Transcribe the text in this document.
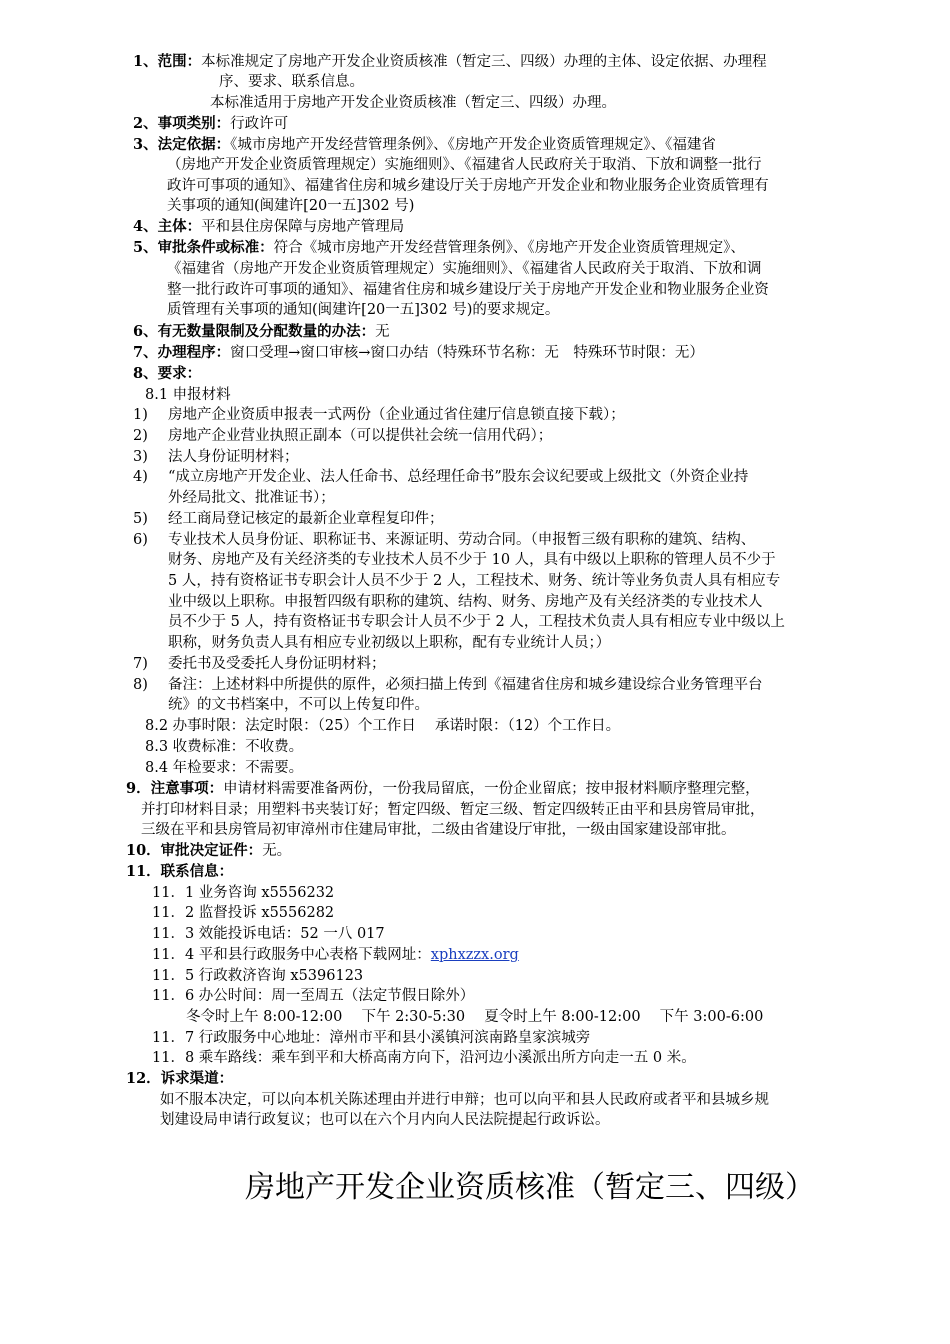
1、范围：本标准规定了房地产开发企业资质核准（暂定三、四级）办理的主体、设定依据、办理程
序、要求、联系信息。
本标准适用于房地产开发企业资质核准（暂定三、四级）办理。
2、事项类别：行政许可
3、法定依据：《城市房地产开发经营管理条例》、《房地产开发企业资质管理规定》、《福建省
（房地产开发企业资质管理规定）实施细则》、《福建省人民政府关于取消、下放和调整一批行
政许可事项的通知》、福建省住房和城乡建设厅关于房地产开发企业和物业服务企业资质管理有
关事项的通知(闽建许[20一五]302 号)
4、主体：平和县住房保障与房地产管理局
5、审批条件或标准：符合《城市房地产开发经营管理条例》、《房地产开发企业资质管理规定》、
《福建省（房地产开发企业资质管理规定）实施细则》、《福建省人民政府关于取消、下放和调
整一批行政许可事项的通知》、福建省住房和城乡建设厅关于房地产开发企业和物业服务企业资
质管理有关事项的通知(闽建许[20一五]302 号)的要求规定。
6、有无数量限制及分配数量的办法：无
7、办理程序：窗口受理→窗口审核→窗口办结（特殊环节名称：无　特殊环节时限：无）
8、要求：
8.1 申报材料
1) 房地产企业资质申报表一式两份（企业通过省住建厅信息锁直接下载）；
2) 房地产企业营业执照正副本（可以提供社会统一信用代码）；
3) 法人身份证明材料；
4) “成立房地产开发企业、法人任命书、总经理任命书”股东会议纪要或上级批文（外资企业持
外经局批文、批准证书）；
5) 经工商局登记核定的最新企业章程复印件；
6) 专业技术人员身份证、职称证书、来源证明、劳动合同。（申报暂三级有职称的建筑、结构、
财务、房地产及有关经济类的专业技术人员不少于 10 人，具有中级以上职称的管理人员不少于
5 人，持有资格证书专职会计人员不少于 2 人，工程技术、财务、统计等业务负责人具有相应专
业中级以上职称。申报暂四级有职称的建筑、结构、财务、房地产及有关经济类的专业技术人
员不少于 5 人，持有资格证书专职会计人员不少于 2 人，工程技术负责人具有相应专业中级以上
职称，财务负责人具有相应专业初级以上职称，配有专业统计人员；）
7) 委托书及受委托人身份证明材料；
8) 备注：上述材料中所提供的原件，必须扫描上传到《福建省住房和城乡建设综合业务管理平台
统》的文书档案中，不可以上传复印件。
8.2 办事时限：法定时限：（25）个工作日　 承诺时限：（12）个工作日。
8.3 收费标准：不收费。
8.4 年检要求：不需要。
9．注意事项：申请材料需要准备两份，一份我局留底，一份企业留底；按申报材料顺序整理完整，
并打印材料目录；用塑料书夹装订好；暂定四级、暂定三级、暂定四级转正由平和县房管局审批，
三级在平和县房管局初审漳州市住建局审批，二级由省建设厅审批，一级由国家建设部审批。
10．审批决定证件：无。
11．联系信息：
11．1 业务咨询 x5556232
11．2 监督投诉 x5556282
11．3 效能投诉电话：52 一八 017
11．4 平和县行政服务中心表格下载网址：xphxzzx.org
11．5 行政救济咨询 x5396123
11．6 办公时间：周一至周五（法定节假日除外）
冬令时上午 8:00-12:00　 下午 2:30-5:30　 夏令时上午 8:00-12:00　 下午 3:00-6:00
11．7 行政服务中心地址：漳州市平和县小溪镇河滨南路皇家滨城旁
11．8 乘车路线：乘车到平和大桥高南方向下，沿河边小溪派出所方向走一五 0 米。
12．诉求渠道：
如不服本决定，可以向本机关陈述理由并进行申辩；也可以向平和县人民政府或者平和县城乡规
划建设局申请行政复议；也可以在六个月内向人民法院提起行政诉讼。
房地产开发企业资质核准（暂定三、四级）
